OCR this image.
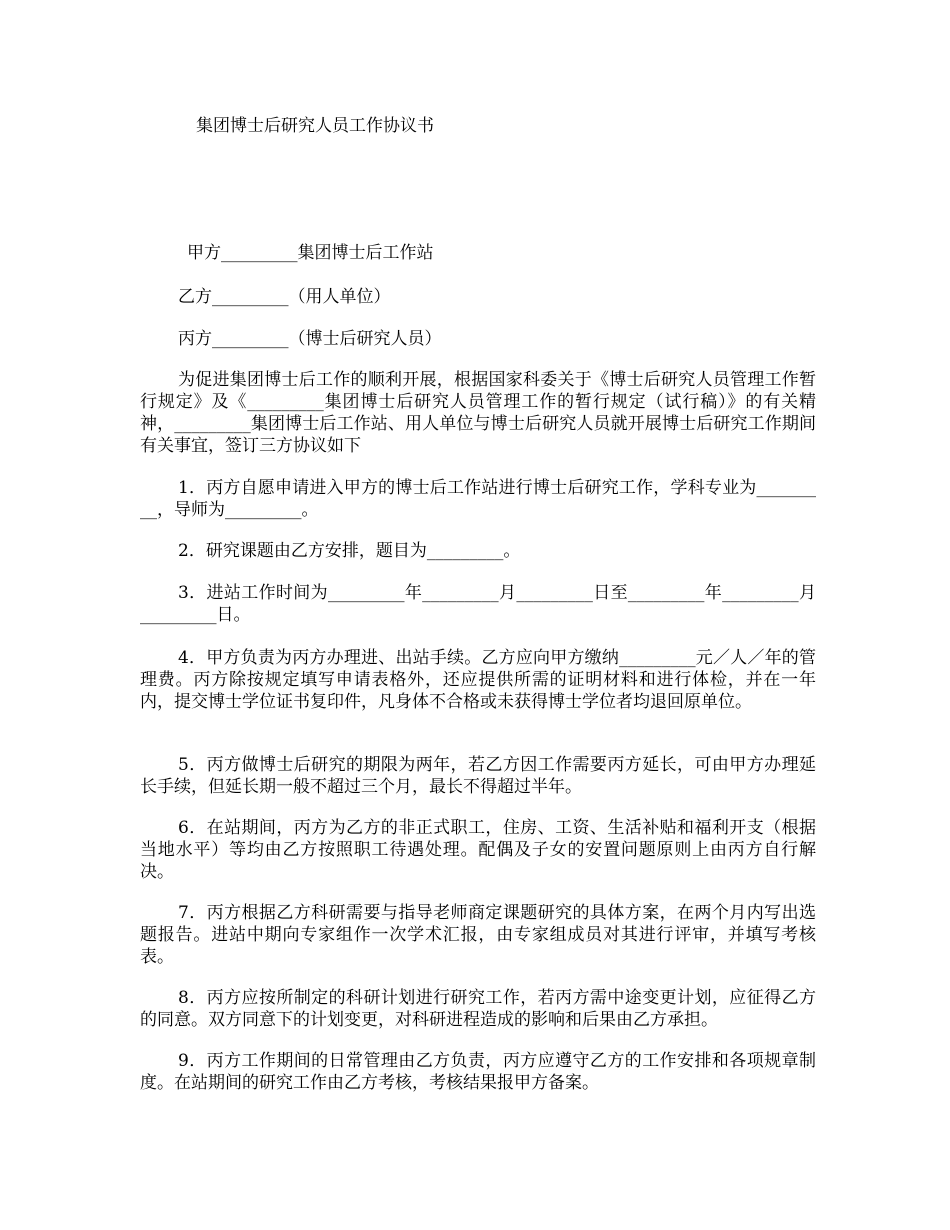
集团博士后研究人员工作协议书
甲方_________集团博士后工作站
乙方_________（用人单位）
丙方_________（博士后研究人员）

为促进集团博士后工作的顺利开展，根据国家科委关于《博士后研究人员管理工作暂行规定》及《_________集团博士后研究人员管理工作的暂行规定（试行稿）》的有关精神，_________集团博士后工作站、用人单位与博士后研究人员就开展博士后研究工作期间有关事宜，签订三方协议如下

1．丙方自愿申请进入甲方的博士后工作站进行博士后研究工作，学科专业为_________，导师为_________。

2．研究课题由乙方安排，题目为_________。

3．进站工作时间为_________年_________月_________日至_________年_________月_________日。

4．甲方负责为丙方办理进、出站手续。乙方应向甲方缴纳_________元／人／年的管理费。丙方除按规定填写申请表格外，还应提供所需的证明材料和进行体检，并在一年内，提交博士学位证书复印件，凡身体不合格或未获得博士学位者均退回原单位。

5．丙方做博士后研究的期限为两年，若乙方因工作需要丙方延长，可由甲方办理延长手续，但延长期一般不超过三个月，最长不得超过半年。

6．在站期间，丙方为乙方的非正式职工，住房、工资、生活补贴和福利开支（根据当地水平）等均由乙方按照职工待遇处理。配偶及子女的安置问题原则上由丙方自行解决。

7．丙方根据乙方科研需要与指导老师商定课题研究的具体方案，在两个月内写出选题报告。进站中期向专家组作一次学术汇报，由专家组成员对其进行评审，并填写考核表。

8．丙方应按所制定的科研计划进行研究工作，若丙方需中途变更计划，应征得乙方的同意。双方同意下的计划变更，对科研进程造成的影响和后果由乙方承担。

9．丙方工作期间的日常管理由乙方负责，丙方应遵守乙方的工作安排和各项规章制度。在站期间的研究工作由乙方考核，考核结果报甲方备案。
